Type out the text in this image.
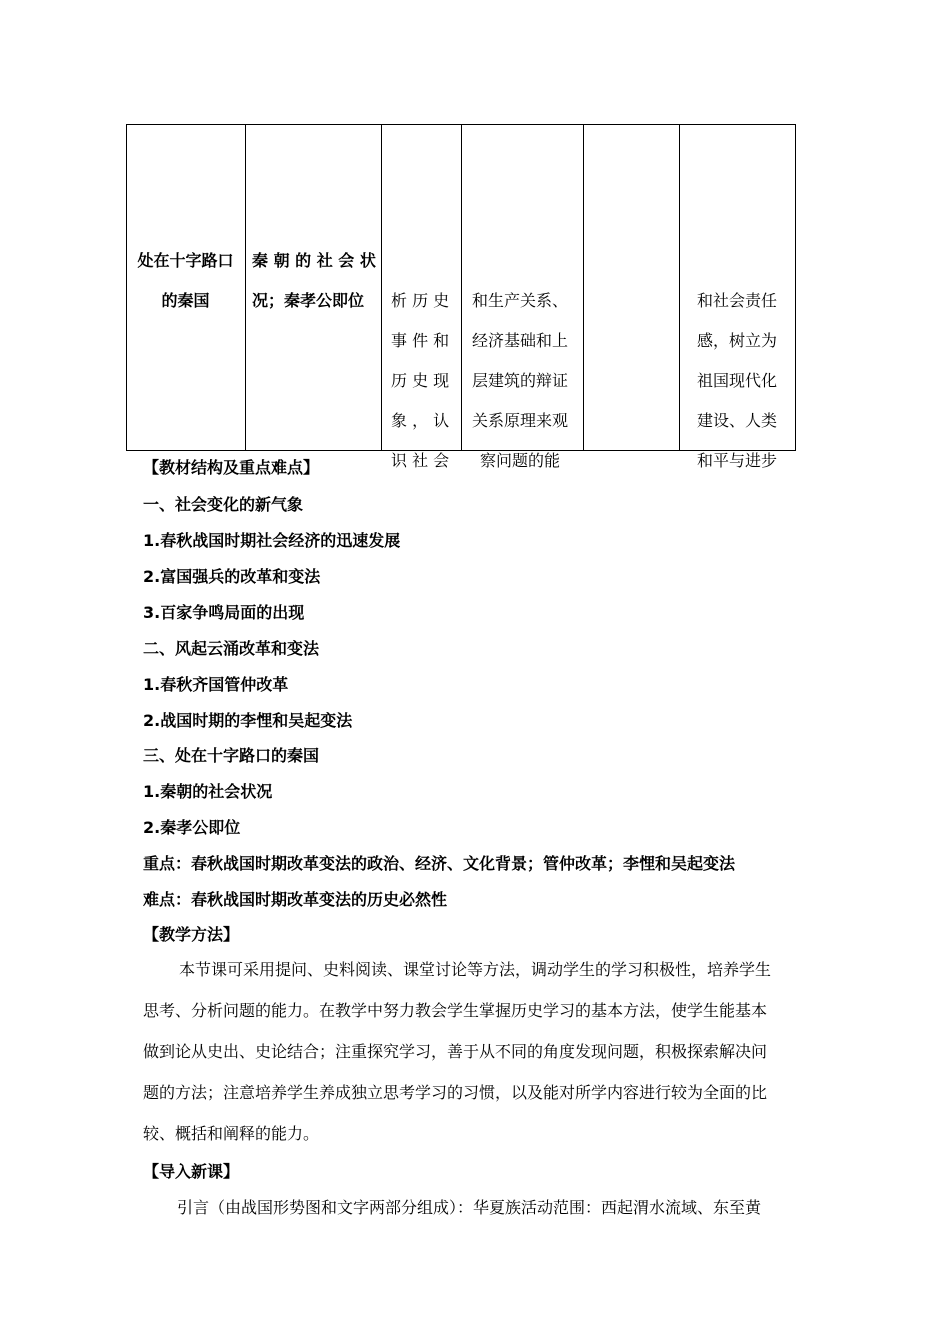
处在十字路口
的秦国
秦 朝 的 社 会 状
况；秦孝公即位	析 历 史
事 件 和
历 史 现
象 ， 认
识 社 会
和生产关系、
经济基础和上
层建筑的辩证
关系原理来观
察问题的能
和社会责任
感，树立为
祖国现代化
建设、人类
和平与进步
【教材结构及重点难点】
一、社会变化的新气象
1.春秋战国时期社会经济的迅速发展
2.富国强兵的改革和变法
3.百家争鸣局面的出现
二、风起云涌改革和变法
1.春秋齐国管仲改革
2.战国时期的李悝和吴起变法
三、处在十字路口的秦国
1.秦朝的社会状况
2.秦孝公即位
重点：春秋战国时期改革变法的政治、经济、文化背景；管仲改革；李悝和吴起变法
难点：春秋战国时期改革变法的历史必然性
【教学方法】
本节课可采用提问、史料阅读、课堂讨论等方法，调动学生的学习积极性，培养学生
思考、分析问题的能力。在教学中努力教会学生掌握历史学习的基本方法，使学生能基本
做到论从史出、史论结合；注重探究学习，善于从不同的角度发现问题，积极探索解决问
题的方法；注意培养学生养成独立思考学习的习惯，以及能对所学内容进行较为全面的比
较、概括和阐释的能力。
【导入新课】
引言（由战国形势图和文字两部分组成）：华夏族活动范围：西起渭水流域、东至黄
